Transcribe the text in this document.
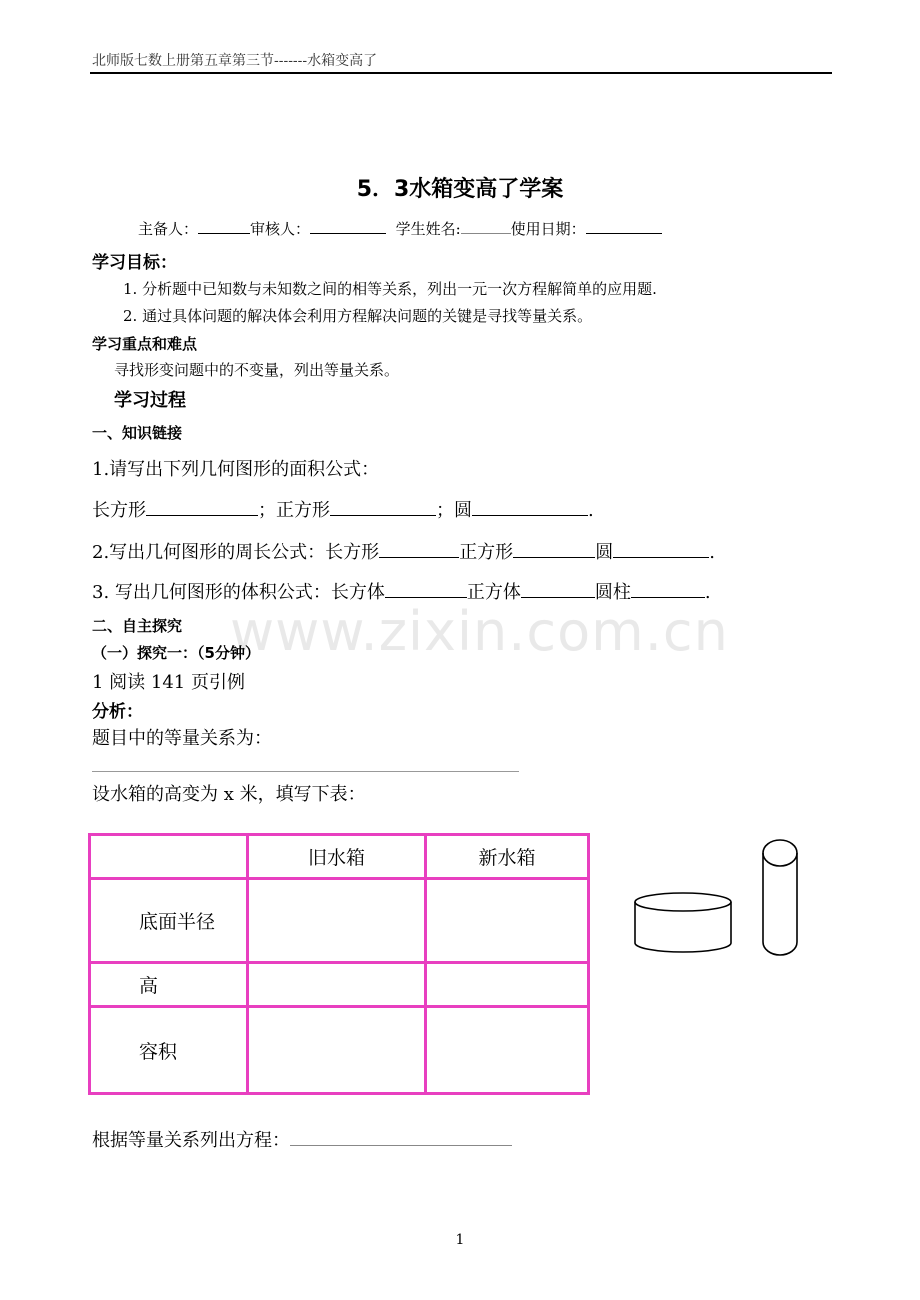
北师版七数上册第五章第三节-------水箱变高了
5．3水箱变高了学案
主备人：	审核人：	学生姓名:	使用日期：
学习目标：
1. 分析题中已知数与未知数之间的相等关系，列出一元一次方程解简单的应用题.
2. 通过具体问题的解决体会利用方程解决问题的关键是寻找等量关系。
学习重点和难点
寻找形变问题中的不变量，列出等量关系。
学习过程
一、知识链接
1.请写出下列几何图形的面积公式：
长方形	；正方形	；圆	.
2.写出几何图形的周长公式：长方形	正方形	圆	.
3. 写出几何图形的体积公式：长方体	正方体	圆柱	.
www.zixin.com.cn
二、自主探究
（一）探究一：（5分钟）
1 阅读 141 页引例
分析：
题目中的等量关系为：
设水箱的高变为 x 米，填写下表：
	旧水箱	新水箱
底面半径		
高		
容积		
根据等量关系列出方程：
1
